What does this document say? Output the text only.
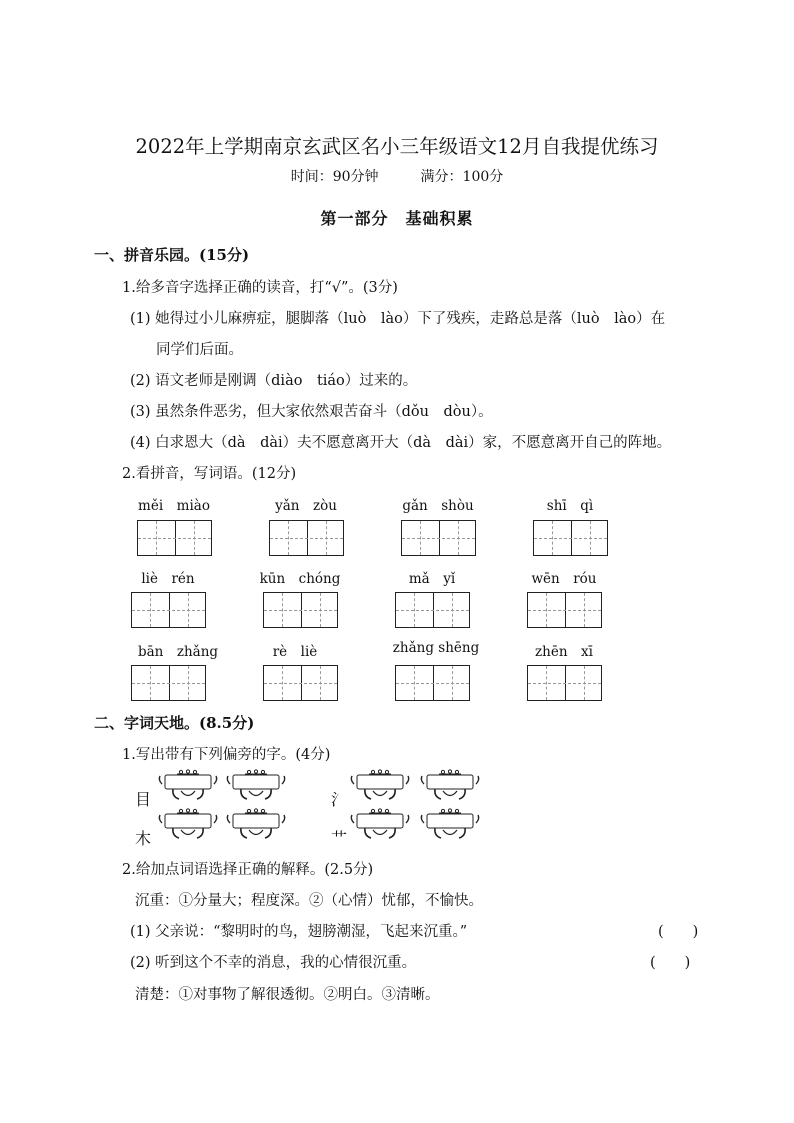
2022年上学期南京玄武区名小三年级语文12月自我提优练习
时间：90分钟　　　满分：100分
第一部分　基础积累
一、拼音乐园。(15分)
1.给多音字选择正确的读音，打“√”。(3分)
(1) 她得过小儿麻痹症，腿脚落（luò　lào）下了残疾，走路总是落（luò　lào）在
同学们后面。
(2) 语文老师是刚调（diào　tiáo）过来的。
(3) 虽然条件恶劣，但大家依然艰苦奋斗（dǒu　dòu）。
(4) 白求恩大（dà　dài）夫不愿意离开大（dà　dài）家，不愿意离开自己的阵地。
2.看拼音，写词语。(12分)
měi　miào	yǎn　zòu	gǎn　shòu	shī　qì
liè　rén	kūn　chóng	mǎ　yǐ	wēn　róu
bān　zhǎng	rè　liè	zhǎng shēng	zhēn　xī
二、字词天地。(8.5分)
1.写出带有下列偏旁的字。(4分)
目
木
氵
艹
2.给加点词语选择正确的解释。(2.5分)
沉重：①分量大；程度深。②（心情）忧郁，不愉快。
(1) 父亲说：“黎明时的鸟，翅膀潮湿，飞起来沉重。”	(　　)
(2) 听到这个不幸的消息，我的心情很沉重。	(　　)
清楚：①对事物了解很透彻。②明白。③清晰。
